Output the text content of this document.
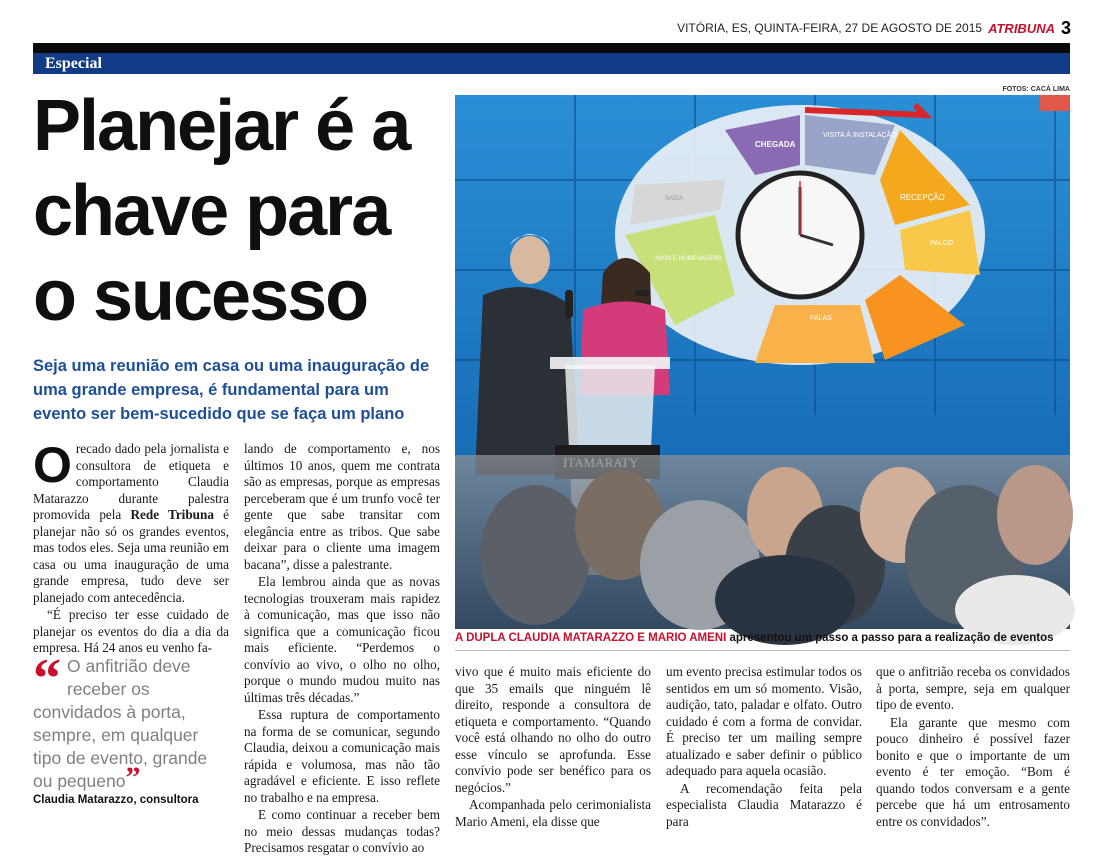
VITÓRIA, ES, QUINTA-FEIRA, 27 DE AGOSTO DE 2015 ATRIBUNA 3
Especial
Planejar é a
chave para
o sucesso
Seja uma reunião em casa ou uma inauguração de uma grande empresa, é fundamental para um evento ser bem-sucedido que se faça um plano

Orecado dado pela jornalista e consultora de etiqueta e comportamento Claudia Matarazzo durante palestra promovida pela Rede Tribuna é planejar não só os grandes eventos, mas todos eles. Seja uma reunião em casa ou uma inauguração de uma grande empresa, tudo deve ser planejado com antecedência.

“É preciso ter esse cuidado de planejar os eventos do dia a dia da empresa. Há 24 anos eu venho fa-

“ O anfitrião deve receber os convidados à porta, sempre, em qualquer tipo de evento, grande ou pequeno”
Claudia Matarazzo, consultora

lando de comportamento e, nos últimos 10 anos, quem me contrata são as empresas, porque as empresas perceberam que é um trunfo você ter gente que sabe transitar com elegância entre as tribos. Que sabe deixar para o cliente uma imagem bacana”, disse a palestrante.

Ela lembrou ainda que as novas tecnologias trouxeram mais rapidez à comunicação, mas que isso não significa que a comunicação ficou mais eficiente. “Perdemos o convívio ao vivo, o olho no olho, porque o mundo mudou muito nas últimas três décadas.”

Essa ruptura de comportamento na forma de se comunicar, segundo Claudia, deixou a comunicação mais rápida e volumosa, mas não tão agradável e eficiente. E isso reflete no trabalho e na empresa.

E como continuar a receber bem no meio dessas mudanças todas? Precisamos resgatar o convívio ao

FOTOS: CACÁ LIMA
CHEGADA
VISITA À INSTALAÇÃO
RECEPÇÃO
PALCO
FALAS
AVOS E HOMENAGENS
SAÍDA
A DUPLA CLAUDIA MATARAZZO E MARIO AMENI apresentou um passo a passo para a realização de eventos

vivo que é muito mais eficiente do que 35 emails que ninguém lê direito, responde a consultora de etiqueta e comportamento. “Quando você está olhando no olho do outro esse vínculo se aprofunda. Esse convívio pode ser benéfico para os negócios.”

Acompanhada pelo cerimonialista Mario Ameni, ela disse que

um evento precisa estimular todos os sentidos em um só momento. Visão, audição, tato, paladar e olfato. Outro cuidado é com a forma de convidar. É preciso ter um mailing sempre atualizado e saber definir o público adequado para aquela ocasião.

A recomendação feita pela especialista Claudia Matarazzo é para

que o anfitrião receba os convidados à porta, sempre, seja em qualquer tipo de evento.

Ela garante que mesmo com pouco dinheiro é possível fazer bonito e que o importante de um evento é ter emoção. “Bom é quando todos conversam e a gente percebe que há um entrosamento entre os convidados”.
